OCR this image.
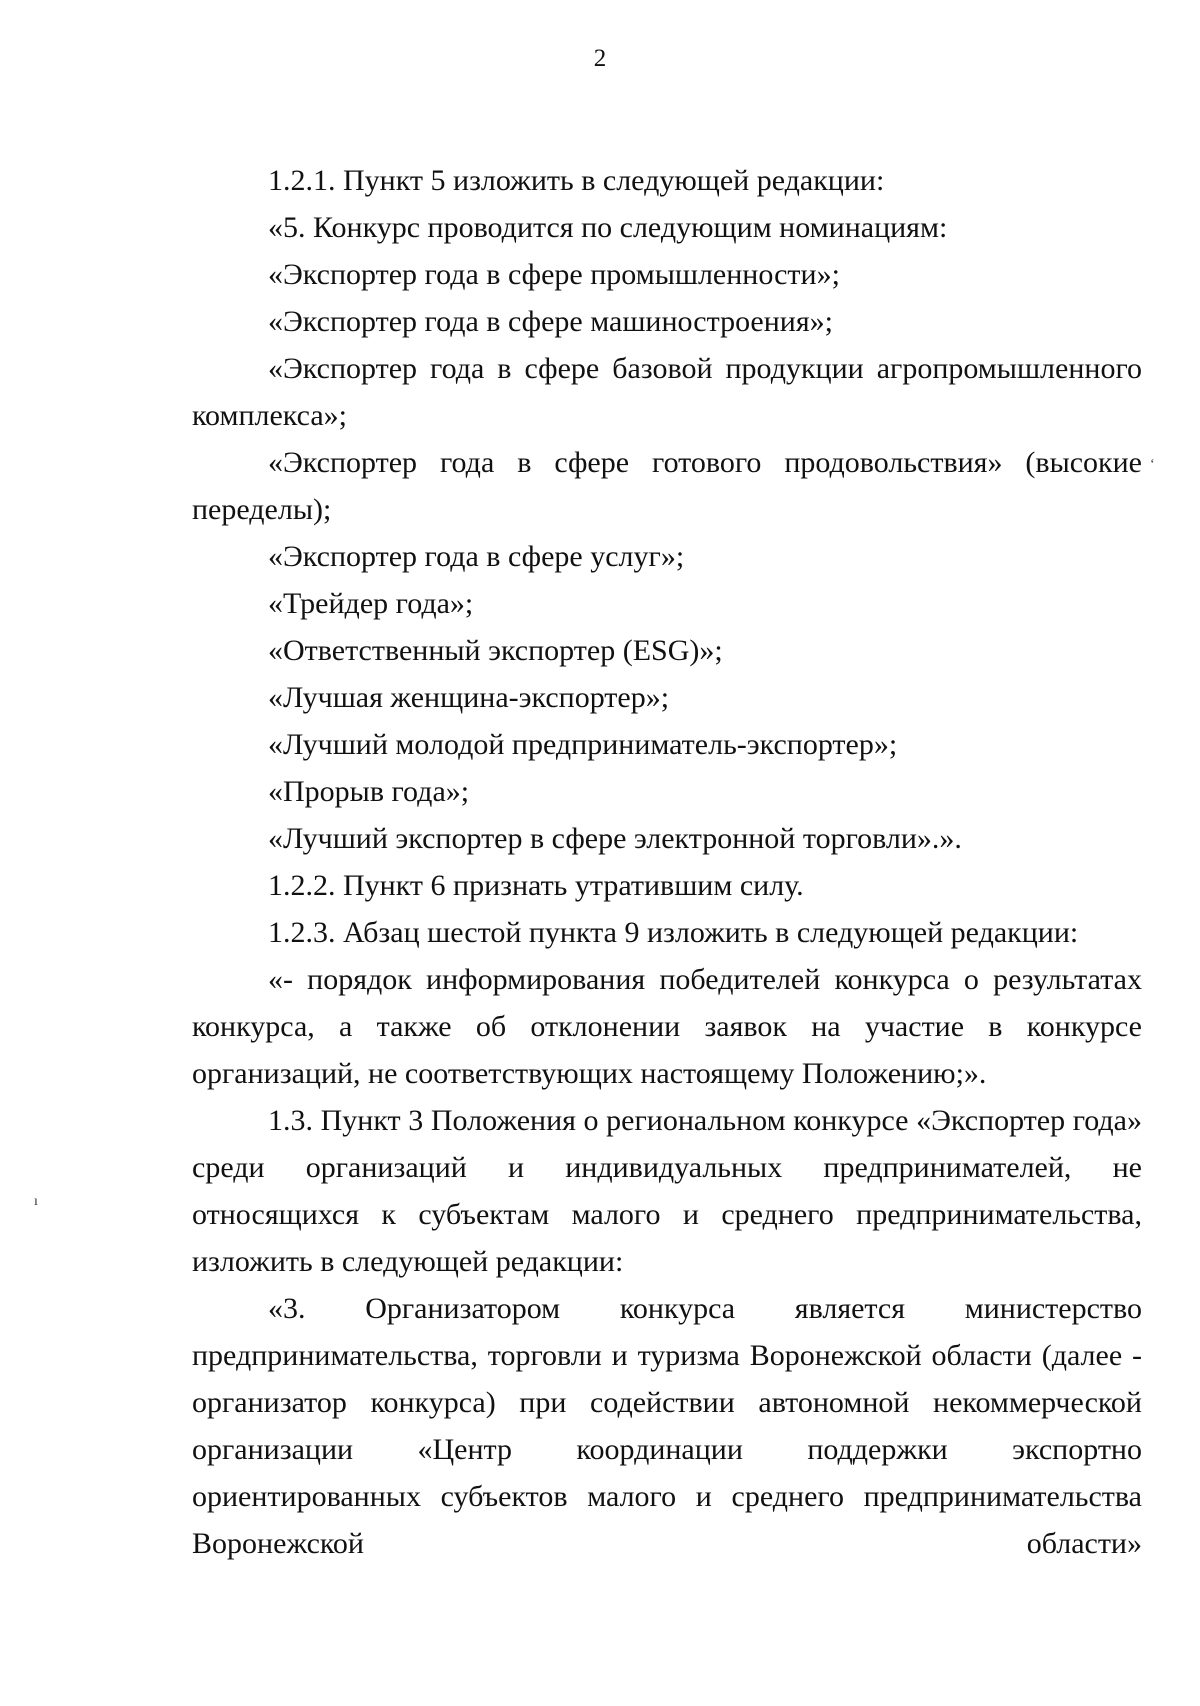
2

1.2.1. Пункт 5 изложить в следующей редакции:

«5. Конкурс проводится по следующим номинациям:

«Экспортер года в сфере промышленности»;

«Экспортер года в сфере машиностроения»;

«Экспортер года в сфере базовой продукции агропромышленного комплекса»;

«Экспортер года в сфере готового продовольствия» (высокие переделы);

«Экспортер года в сфере услуг»;

«Трейдер года»;

«Ответственный экспортер (ESG)»;

«Лучшая женщина-экспортер»;

«Лучший молодой предприниматель-экспортер»;

«Прорыв года»;

«Лучший экспортер в сфере электронной торговли».».

1.2.2. Пункт 6 признать утратившим силу.

1.2.3. Абзац шестой пункта 9 изложить в следующей редакции:

«- порядок информирования победителей конкурса о результатах конкурса, а также об отклонении заявок на участие в конкурсе организаций, не соответствующих настоящему Положению;».

1.3. Пункт 3 Положения о региональном конкурсе «Экспортер года» среди организаций и индивидуальных предпринимателей, не относящихся к субъектам малого и среднего предпринимательства, изложить в следующей редакции:

«3. Организатором конкурса является министерство предпринимательства, торговли и туризма Воронежской области (далее - организатор конкурса) при содействии автономной некоммерческой организации «Центр координации поддержки экспортно ориентированных субъектов малого и среднего предпринимательства Воронежской области»

‘
ı
